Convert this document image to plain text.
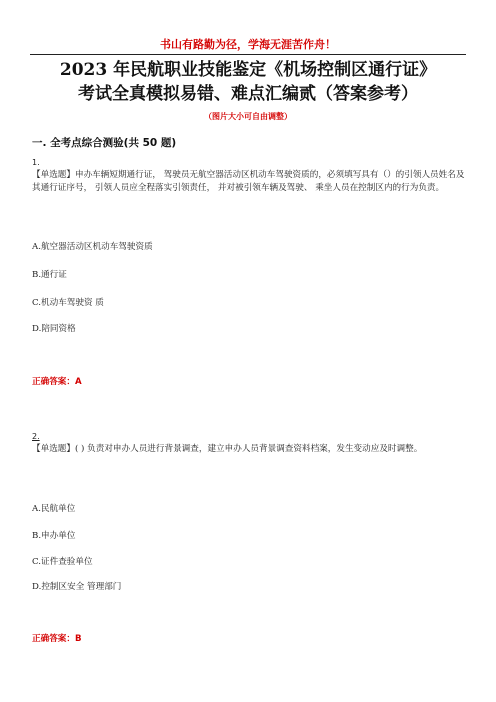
书山有路勤为径，学海无涯苦作舟！
2023 年民航职业技能鉴定《机场控制区通行证》
考试全真模拟易错、难点汇编贰（答案参考）
（图片大小可自由调整）
一. 全考点综合测验(共 50 题)
1.
【单选题】申办车辆短期通行证， 驾驶员无航空器活动区机动车驾驶资质的，必须填写具有（）的引领人员姓名及其通行证序号， 引领人员应全程落实引领责任， 并对被引领车辆及驾驶、 乘坐人员在控制区内的行为负责。
A.航空器活动区机动车驾驶资质
B.通行证
C.机动车驾驶资 质
D.陪同资格
正确答案：A
2.
【单选题】( ) 负责对申办人员进行背景调查，建立申办人员背景调查资料档案，发生变动应及时调整。
A.民航单位
B.申办单位
C.证件查验单位
D.控制区安全 管理部门
正确答案：B
